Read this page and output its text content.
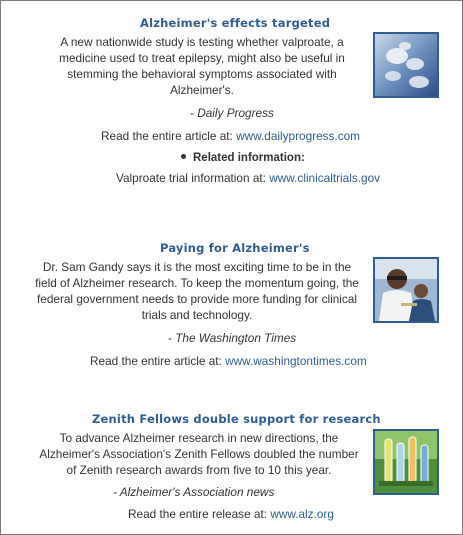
Alzheimer's effects targeted
A new nationwide study is testing whether valproate, a
medicine used to treat epilepsy, might also be useful in
stemming the behavioral symptoms associated with
Alzheimer's.
- Daily Progress
Read the entire article at: www.dailyprogress.com
Related information:
Valproate trial information at: www.clinicaltrials.gov
Paying for Alzheimer's
Dr. Sam Gandy says it is the most exciting time to be in the
field of Alzheimer research. To keep the momentum going, the
federal government needs to provide more funding for clinical
trials and technology.
- The Washington Times
Read the entire article at: www.washingtontimes.com
Zenith Fellows double support for research
To advance Alzheimer research in new directions, the
Alzheimer's Association's Zenith Fellows doubled the number
of Zenith research awards from five to 10 this year.
- Alzheimer's Association news
Read the entire release at: www.alz.org
